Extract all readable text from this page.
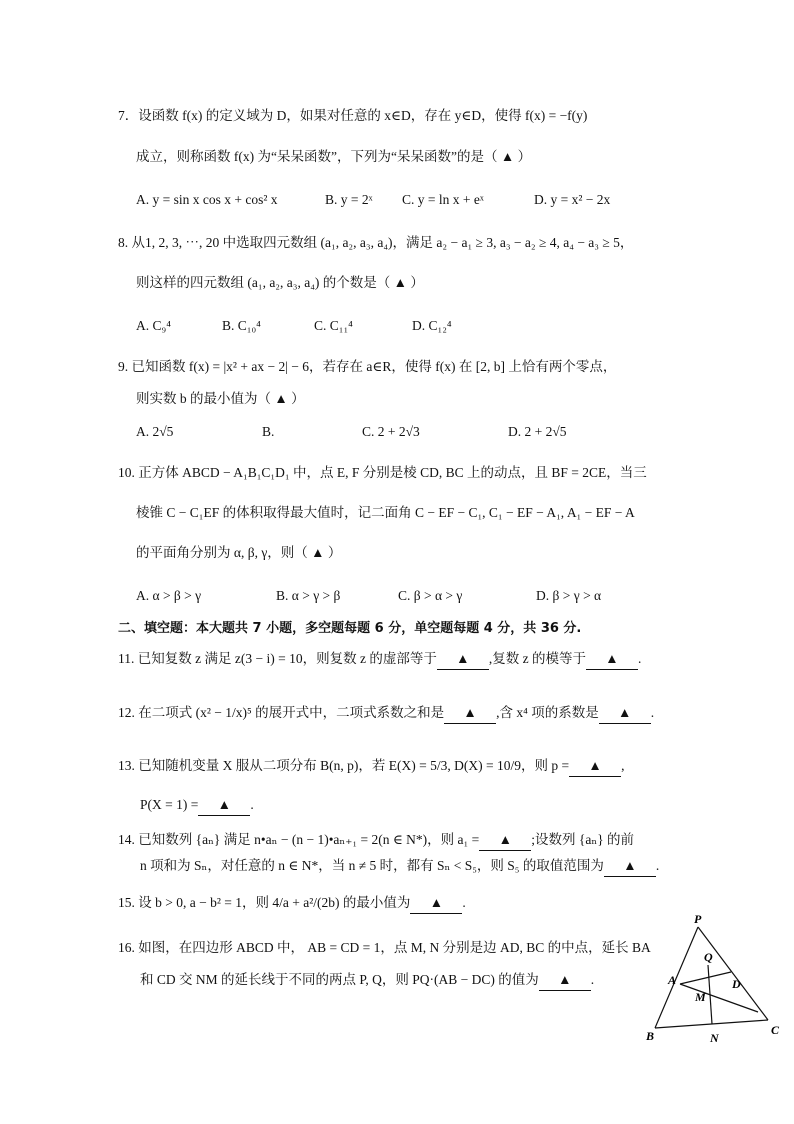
7．设函数 f(x) 的定义域为 D，如果对任意的 x∈D，存在 y∈D，使得 f(x) = −f(y)
成立，则称函数 f(x) 为“呆呆函数”，下列为“呆呆函数”的是（ ▲ ）
A. y = sin x cos x + cos² x	B. y = 2ˣ C. y = ln x + eˣ	D. y = x² − 2x
8. 从1, 2, 3, ⋯, 20 中选取四元数组 (a₁, a₂, a₃, a₄)，满足 a₂ − a₁ ≥ 3, a₃ − a₂ ≥ 4, a₄ − a₃ ≥ 5，
则这样的四元数组 (a₁, a₂, a₃, a₄) 的个数是（ ▲ ）
A. C₉⁴	B. C₁₀⁴	C. C₁₁⁴	D. C₁₂⁴
9. 已知函数 f(x) = |x² + ax − 2| − 6，若存在 a∈R，使得 f(x) 在 [2, b] 上恰有两个零点，
则实数 b 的最小值为（ ▲ ）
A. 2√5	B.	C. 2 + 2√3	D. 2 + 2√5
10. 正方体 ABCD − A₁B₁C₁D₁ 中，点 E, F 分别是棱 CD, BC 上的动点，且 BF = 2CE，当三
棱锥 C − C₁EF 的体积取得最大值时，记二面角 C − EF − C₁, C₁ − EF − A₁, A₁ − EF − A
的平面角分别为 α, β, γ，则（ ▲ ）
A. α > β > γ	B. α > γ > β	C. β > α > γ	D. β > γ > α
二、填空题：本大题共 7 小题，多空题每题 6 分，单空题每题 4 分，共 36 分.
11. 已知复数 z 满足 z(3 − i) = 10，则复数 z 的虚部等于 ▲ ,复数 z 的模等于 ▲ .
12. 在二项式 (x² − 1/x)⁵ 的展开式中，二项式系数之和是 ▲ ,含 x⁴ 项的系数是 ▲ .
13. 已知随机变量 X 服从二项分布 B(n, p)，若 E(X) = 5/3, D(X) = 10/9，则 p = ▲ ,
P(X = 1) = ▲ .
14. 已知数列 {aₙ} 满足 n•aₙ − (n − 1)•aₙ₊₁ = 2(n ∈ N*)，则 a₁ = ▲ ;设数列 {aₙ} 的前
n 项和为 Sₙ，对任意的 n ∈ N*，当 n ≠ 5 时，都有 Sₙ < S₅，则 S₅ 的取值范围为 ▲ .
15. 设 b > 0, a − b² = 1，则 4/a + a²/(2b) 的最小值为 ▲ .
16. 如图，在四边形 ABCD 中， AB = CD = 1，点 M, N 分别是边 AD, BC 的中点，延长 BA
和 CD 交 NM 的延长线于不同的两点 P, Q，则 PQ·(AB − DC) 的值为 ▲ .
P
Q
A	D
M
B	N
C
